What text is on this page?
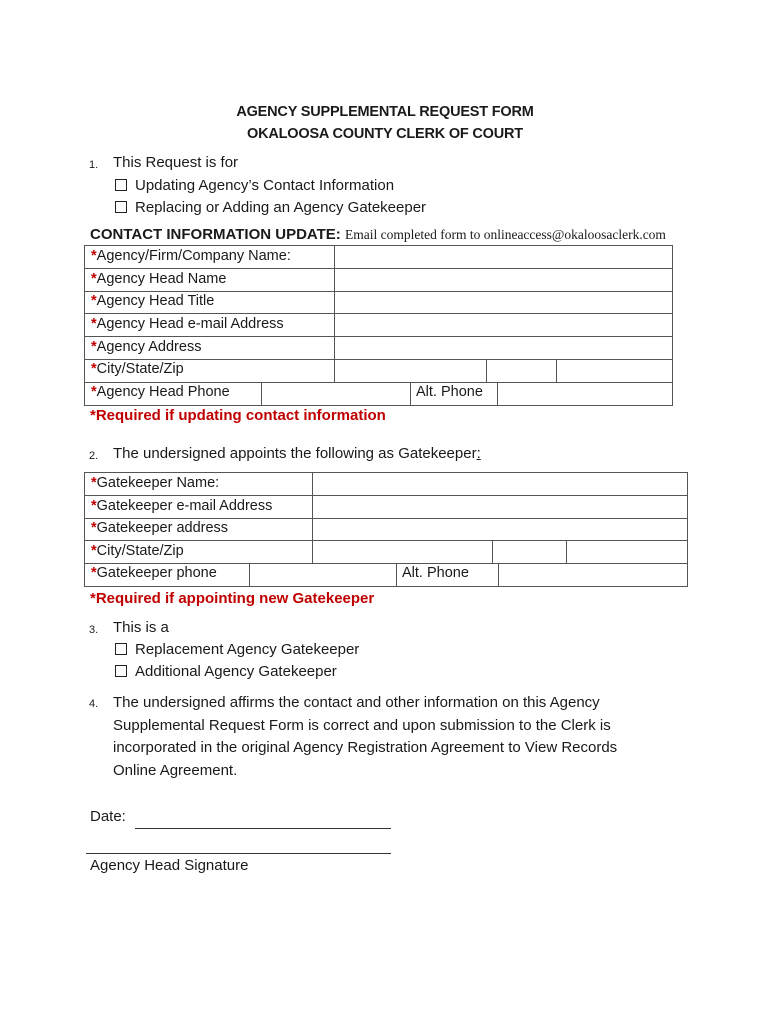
AGENCY SUPPLEMENTAL REQUEST FORM
OKALOOSA COUNTY CLERK OF COURT
1. This Request is for
Updating Agency’s Contact Information
Replacing or Adding an Agency Gatekeeper
CONTACT INFORMATION UPDATE: Email completed form to onlineaccess@okaloosaclerk.com
*Agency/Firm/Company Name:
*Agency Head Name
*Agency Head Title
*Agency Head e-mail Address
*Agency Address
*City/State/Zip
*Agency Head Phone	Alt. Phone
*Required if updating contact information
2. The undersigned appoints the following as Gatekeeper:
*Gatekeeper Name:
*Gatekeeper e-mail Address
*Gatekeeper address
*City/State/Zip
*Gatekeeper phone	Alt. Phone
*Required if appointing new Gatekeeper
3. This is a
Replacement Agency Gatekeeper
Additional Agency Gatekeeper
4. The undersigned affirms the contact and other information on this Agency
Supplemental Request Form is correct and upon submission to the Clerk is
incorporated in the original Agency Registration Agreement to View Records
Online Agreement.
Date:
Agency Head Signature
